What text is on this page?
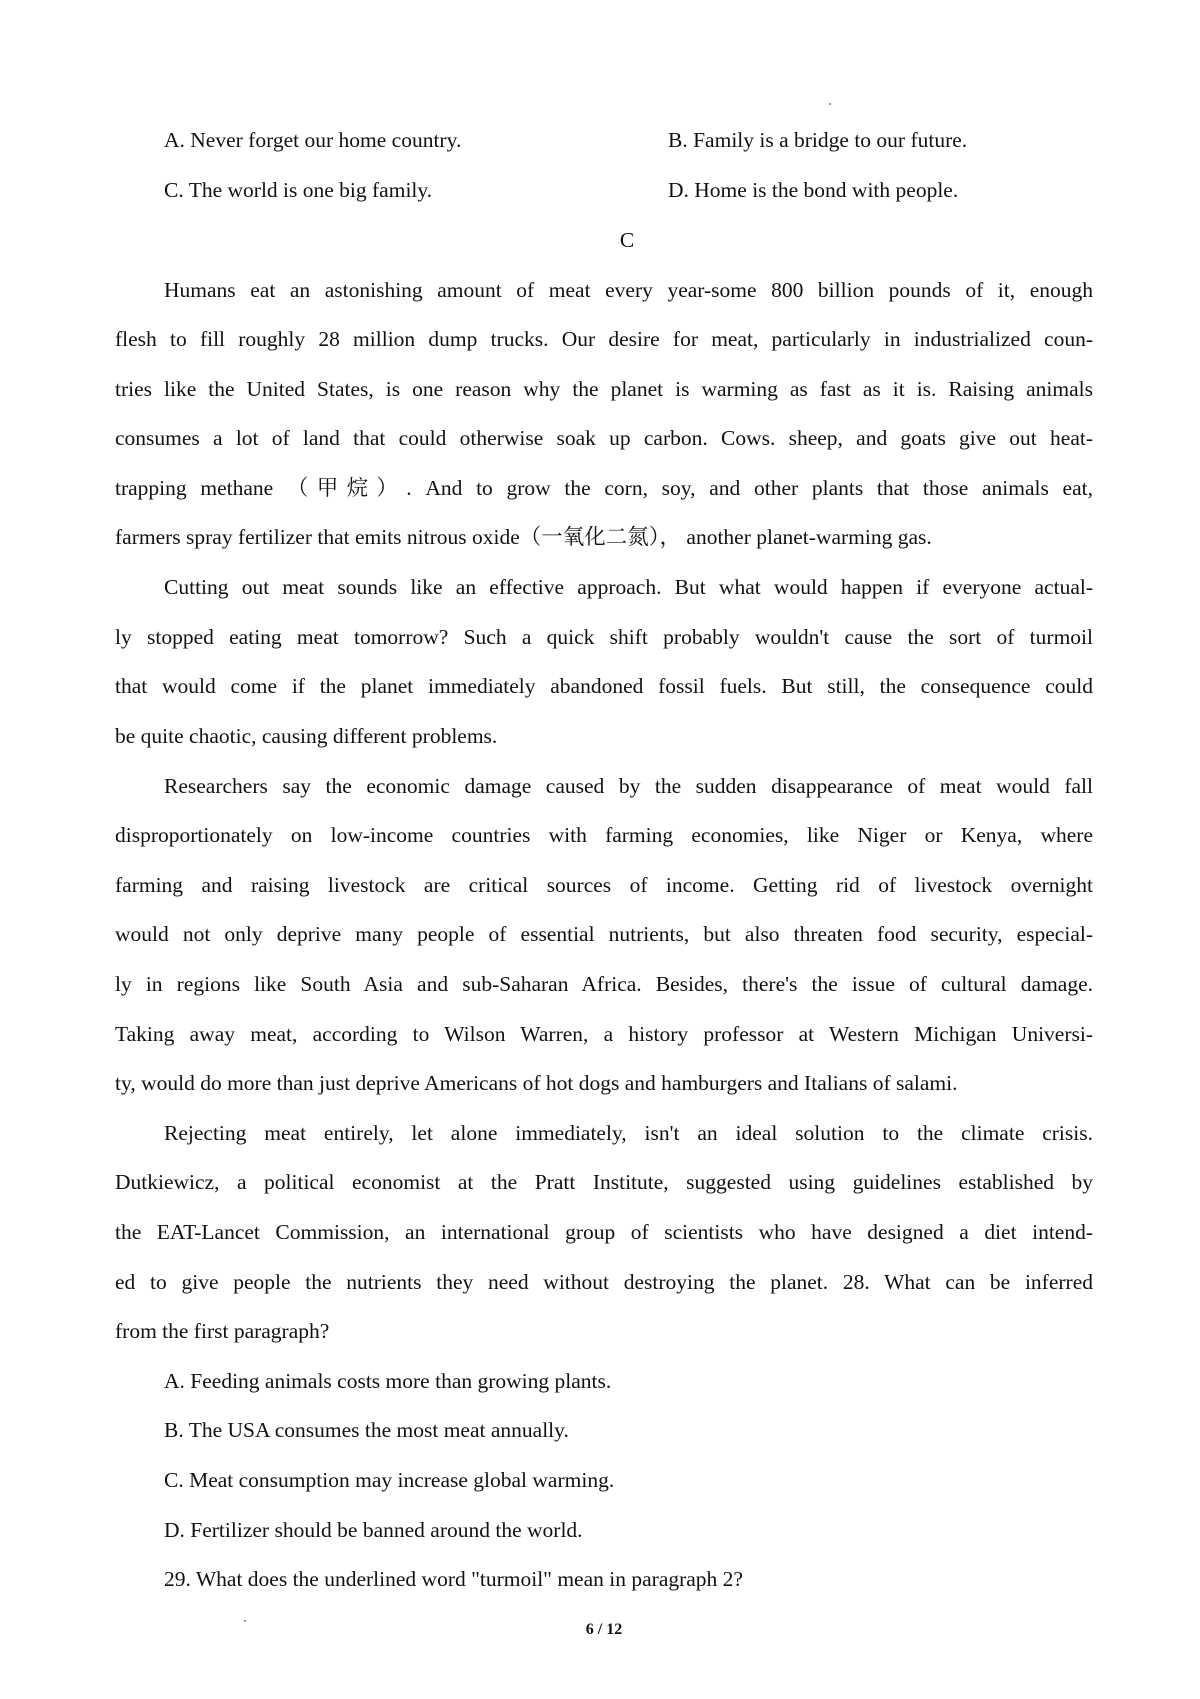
A. Never forget our home country.	B. Family is a bridge to our future.
C. The world is one big family.	D. Home is the bond with people.
C
Humans eat an astonishing amount of meat every year-some 800 billion pounds of it, enough
flesh to fill roughly 28 million dump trucks. Our desire for meat, particularly in industrialized coun-
tries like the United States, is one reason why the planet is warming as fast as it is. Raising animals
consumes a lot of land that could otherwise soak up carbon. Cows. sheep, and goats give out heat-
trapping methane （甲烷）. And to grow the corn, soy, and other plants that those animals eat,
farmers spray fertilizer that emits nitrous oxide（一氧化二氮）， another planet-warming gas.
Cutting out meat sounds like an effective approach. But what would happen if everyone actual-
ly stopped eating meat tomorrow? Such a quick shift probably wouldn't cause the sort of turmoil
that would come if the planet immediately abandoned fossil fuels. But still, the consequence could
be quite chaotic, causing different problems.
Researchers say the economic damage caused by the sudden disappearance of meat would fall
disproportionately on low-income countries with farming economies, like Niger or Kenya, where
farming and raising livestock are critical sources of income. Getting rid of livestock overnight
would not only deprive many people of essential nutrients, but also threaten food security, especial-
ly in regions like South Asia and sub-Saharan Africa. Besides, there's the issue of cultural damage.
Taking away meat, according to Wilson Warren, a history professor at Western Michigan Universi-
ty, would do more than just deprive Americans of hot dogs and hamburgers and Italians of salami.
Rejecting meat entirely, let alone immediately, isn't an ideal solution to the climate crisis.
Dutkiewicz, a political economist at the Pratt Institute, suggested using guidelines established by
the EAT-Lancet Commission, an international group of scientists who have designed a diet intend-
ed to give people the nutrients they need without destroying the planet. 28. What can be inferred
from the first paragraph?
A. Feeding animals costs more than growing plants.
B. The USA consumes the most meat annually.
C. Meat consumption may increase global warming.
D. Fertilizer should be banned around the world.
29. What does the underlined word "turmoil" mean in paragraph 2?
6 / 12
